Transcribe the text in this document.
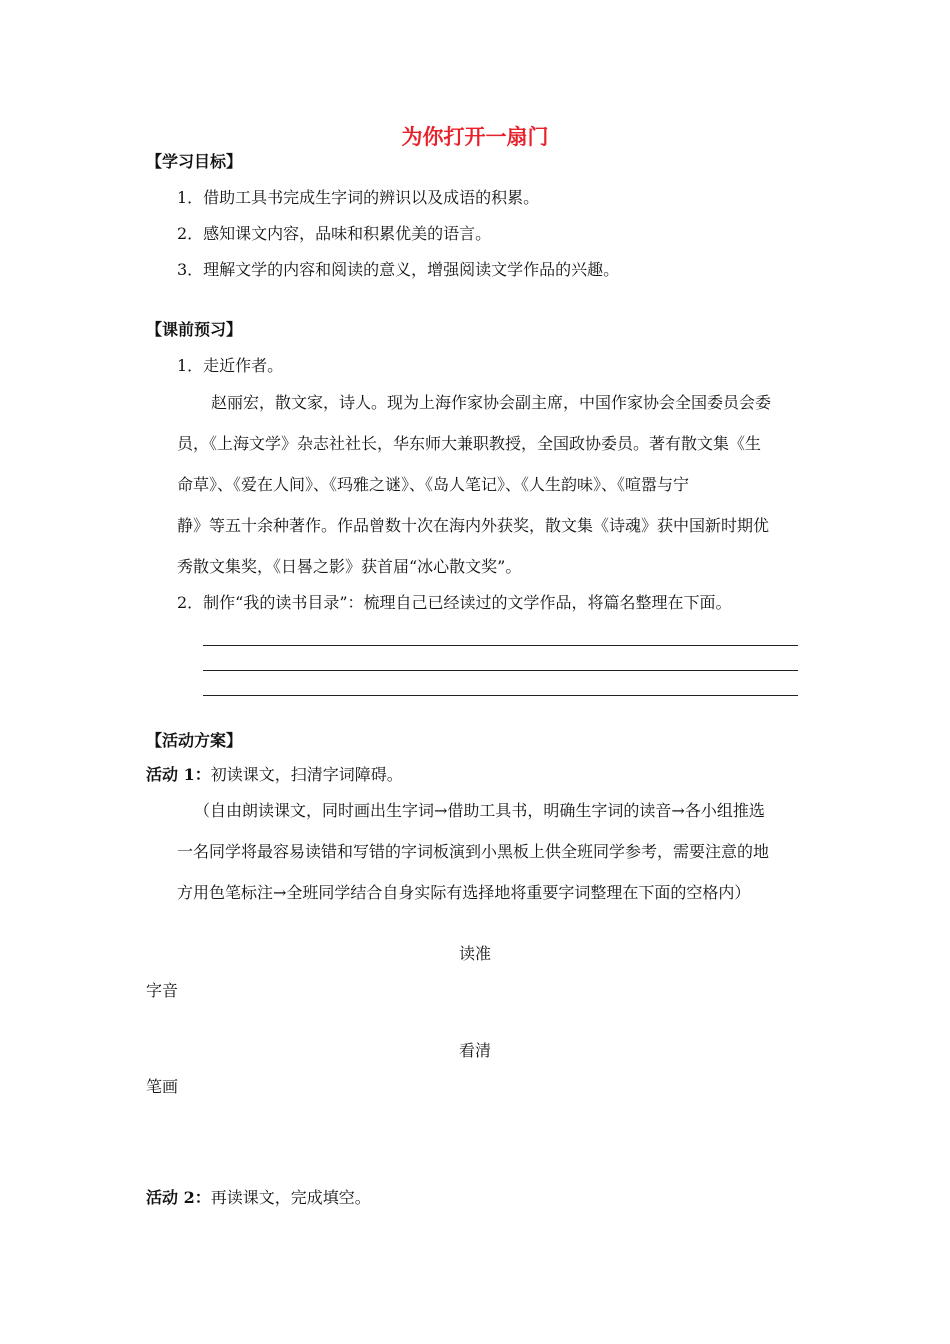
为你打开一扇门
【学习目标】
1．借助工具书完成生字词的辨识以及成语的积累。
2．感知课文内容，品味和积累优美的语言。
3．理解文学的内容和阅读的意义，增强阅读文学作品的兴趣。
【课前预习】
1．走近作者。
赵丽宏，散文家，诗人。现为上海作家协会副主席，中国作家协会全国委员会委
员，《上海文学》杂志社社长，华东师大兼职教授，全国政协委员。著有散文集《生
命草》、《爱在人间》、《玛雅之谜》、《岛人笔记》、《人生韵味》、《喧嚣与宁
静》等五十余种著作。作品曾数十次在海内外获奖，散文集《诗魂》获中国新时期优
秀散文集奖，《日晷之影》获首届“冰心散文奖”。
2．制作“我的读书目录”：梳理自己已经读过的文学作品，将篇名整理在下面。
【活动方案】
活动 1：初读课文，扫清字词障碍。
（自由朗读课文，同时画出生字词→借助工具书，明确生字词的读音→各小组推选
一名同学将最容易读错和写错的字词板演到小黑板上供全班同学参考，需要注意的地
方用色笔标注→全班同学结合自身实际有选择地将重要字词整理在下面的空格内）
读准
字音
看清
笔画
活动 2：再读课文，完成填空。
